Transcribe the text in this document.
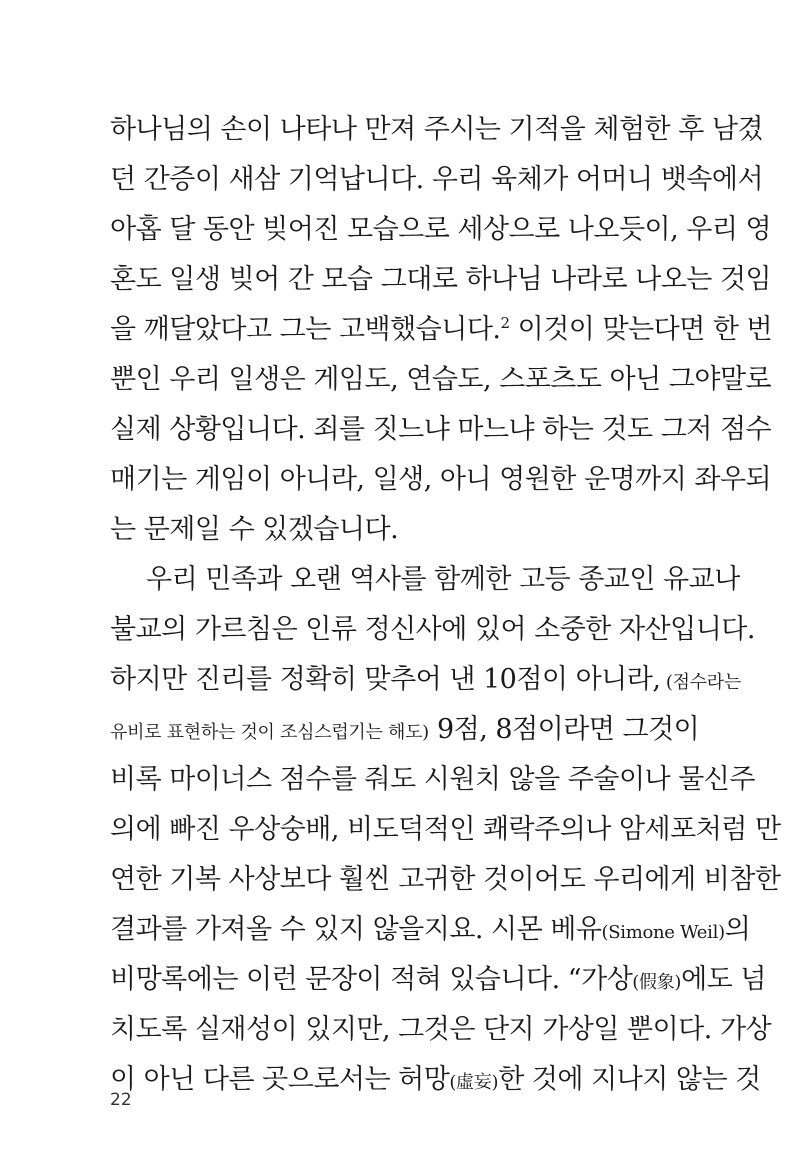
하나님의 손이 나타나 만져 주시는 기적을 체험한 후 남겼
던 간증이 새삼 기억납니다. 우리 육체가 어머니 뱃속에서
아홉 달 동안 빚어진 모습으로 세상으로 나오듯이, 우리 영
혼도 일생 빚어 간 모습 그대로 하나님 나라로 나오는 것임
을 깨달았다고 그는 고백했습니다.$^2$ 이것이 맞는다면 한 번
뿐인 우리 일생은 게임도, 연습도, 스포츠도 아닌 그야말로
실제 상황입니다. 죄를 짓느냐 마느냐 하는 것도 그저 점수
매기는 게임이 아니라, 일생, 아니 영원한 운명까지 좌우되
는 문제일 수 있겠습니다.
우리 민족과 오랜 역사를 함께한 고등 종교인 유교나
불교의 가르침은 인류 정신사에 있어 소중한 자산입니다.
하지만 진리를 정확히 맞추어 낸 10점이 아니라, (점수라는
유비로 표현하는 것이 조심스럽기는 해도) 9점, 8점이라면 그것이
비록 마이너스 점수를 줘도 시원치 않을 주술이나 물신주
의에 빠진 우상숭배, 비도덕적인 쾌락주의나 암세포처럼 만
연한 기복 사상보다 훨씬 고귀한 것이어도 우리에게 비참한
결과를 가져올 수 있지 않을지요. 시몬 베유(Simone Weil)의
비망록에는 이런 문장이 적혀 있습니다. “가상(假象)에도 넘
치도록 실재성이 있지만, 그것은 단지 가상일 뿐이다. 가상
이 아닌 다른 곳으로서는 허망(虛妄)한 것에 지나지 않는 것
22
